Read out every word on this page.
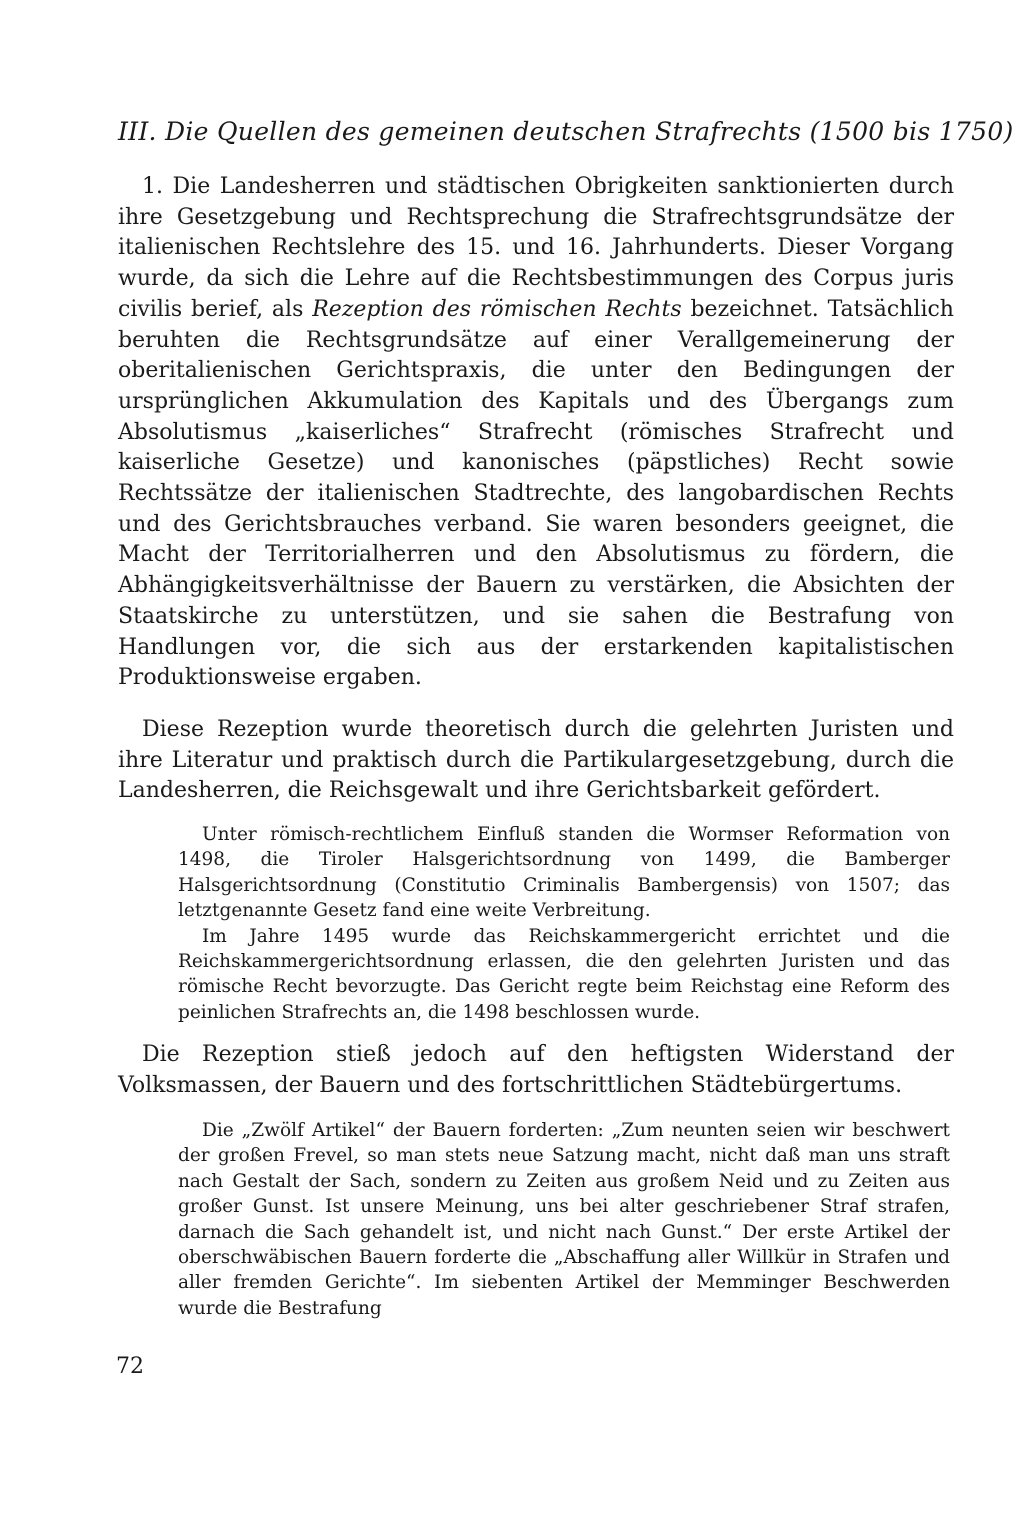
III. Die Quellen des gemeinen deutschen Strafrechts (1500 bis 1750)

1. Die Landesherren und städtischen Obrigkeiten sanktionierten durch ihre Gesetzgebung und Rechtsprechung die Strafrechtsgrundsätze der italienischen Rechtslehre des 15. und 16. Jahrhunderts. Dieser Vorgang wurde, da sich die Lehre auf die Rechtsbestimmungen des Corpus juris civilis berief, als Rezeption des römischen Rechts bezeichnet. Tatsächlich beruhten die Rechtsgrundsätze auf einer Verallgemeinerung der oberitalienischen Gerichtspraxis, die unter den Bedingungen der ursprünglichen Akkumulation des Kapitals und des Übergangs zum Absolutismus „kaiserliches“ Strafrecht (römisches Strafrecht und kaiserliche Gesetze) und kanonisches (päpstliches) Recht sowie Rechtssätze der italienischen Stadtrechte, des langobardischen Rechts und des Gerichtsbrauches verband. Sie waren besonders geeignet, die Macht der Territorialherren und den Absolutismus zu fördern, die Abhängigkeitsverhältnisse der Bauern zu verstärken, die Absichten der Staatskirche zu unterstützen, und sie sahen die Bestrafung von Handlungen vor, die sich aus der erstarkenden kapitalistischen Produktionsweise ergaben.

Diese Rezeption wurde theoretisch durch die gelehrten Juristen und ihre Literatur und praktisch durch die Partikulargesetzgebung, durch die Landesherren, die Reichsgewalt und ihre Gerichtsbarkeit gefördert.

Unter römisch-rechtlichem Einfluß standen die Wormser Reformation von 1498, die Tiroler Halsgerichtsordnung von 1499, die Bamberger Halsgerichtsordnung (Constitutio Criminalis Bambergensis) von 1507; das letztgenannte Gesetz fand eine weite Verbreitung.

Im Jahre 1495 wurde das Reichskammergericht errichtet und die Reichskammergerichtsordnung erlassen, die den gelehrten Juristen und das römische Recht bevorzugte. Das Gericht regte beim Reichstag eine Reform des peinlichen Strafrechts an, die 1498 beschlossen wurde.

Die Rezeption stieß jedoch auf den heftigsten Widerstand der Volksmassen, der Bauern und des fortschrittlichen Städtebürgertums.

Die „Zwölf Artikel“ der Bauern forderten: „Zum neunten seien wir beschwert der großen Frevel, so man stets neue Satzung macht, nicht daß man uns straft nach Gestalt der Sach, sondern zu Zeiten aus großem Neid und zu Zeiten aus großer Gunst. Ist unsere Meinung, uns bei alter geschriebener Straf strafen, darnach die Sach gehandelt ist, und nicht nach Gunst.“ Der erste Artikel der oberschwäbischen Bauern forderte die „Abschaffung aller Willkür in Strafen und aller fremden Gerichte“. Im siebenten Artikel der Memminger Beschwerden wurde die Bestrafung

72
